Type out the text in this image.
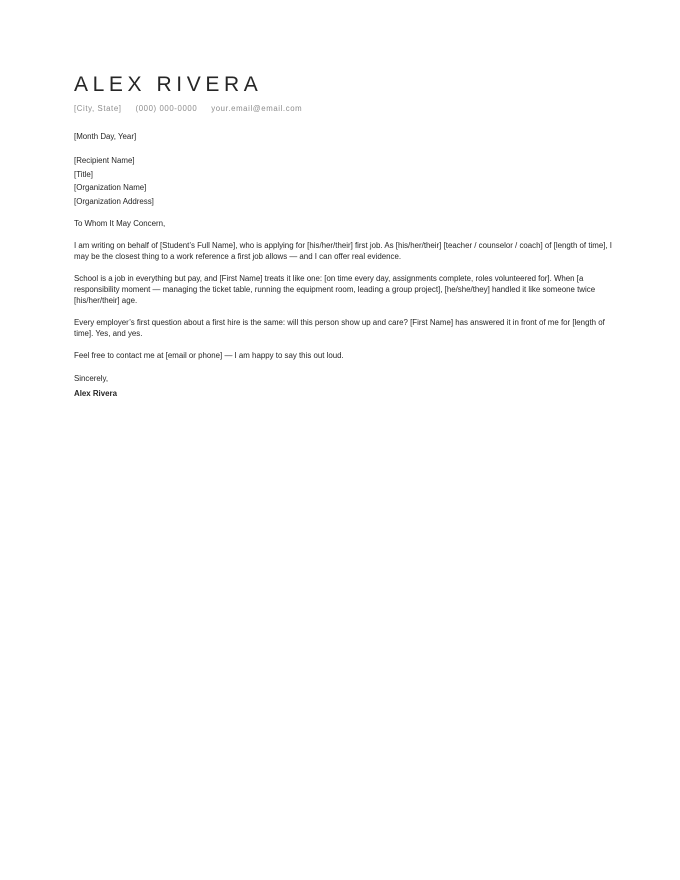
ALEX RIVERA
[City, State] (000) 000-0000 your.email@email.com
[Month Day, Year]
[Recipient Name]
[Title]
[Organization Name]
[Organization Address]
To Whom It May Concern,
I am writing on behalf of [Student’s Full Name], who is applying for [his/her/their] first job. As [his/her/their] [teacher / counselor / coach] of [length of time], I may be the closest thing to a work reference a first job allows — and I can offer real evidence.
School is a job in everything but pay, and [First Name] treats it like one: [on time every day, assignments complete, roles volunteered for]. When [a responsibility moment — managing the ticket table, running the equipment room, leading a group project], [he/she/they] handled it like someone twice [his/her/their] age.
Every employer’s first question about a first hire is the same: will this person show up and care? [First Name] has answered it in front of me for [length of time]. Yes, and yes.
Feel free to contact me at [email or phone] — I am happy to say this out loud.
Sincerely,
Alex Rivera
